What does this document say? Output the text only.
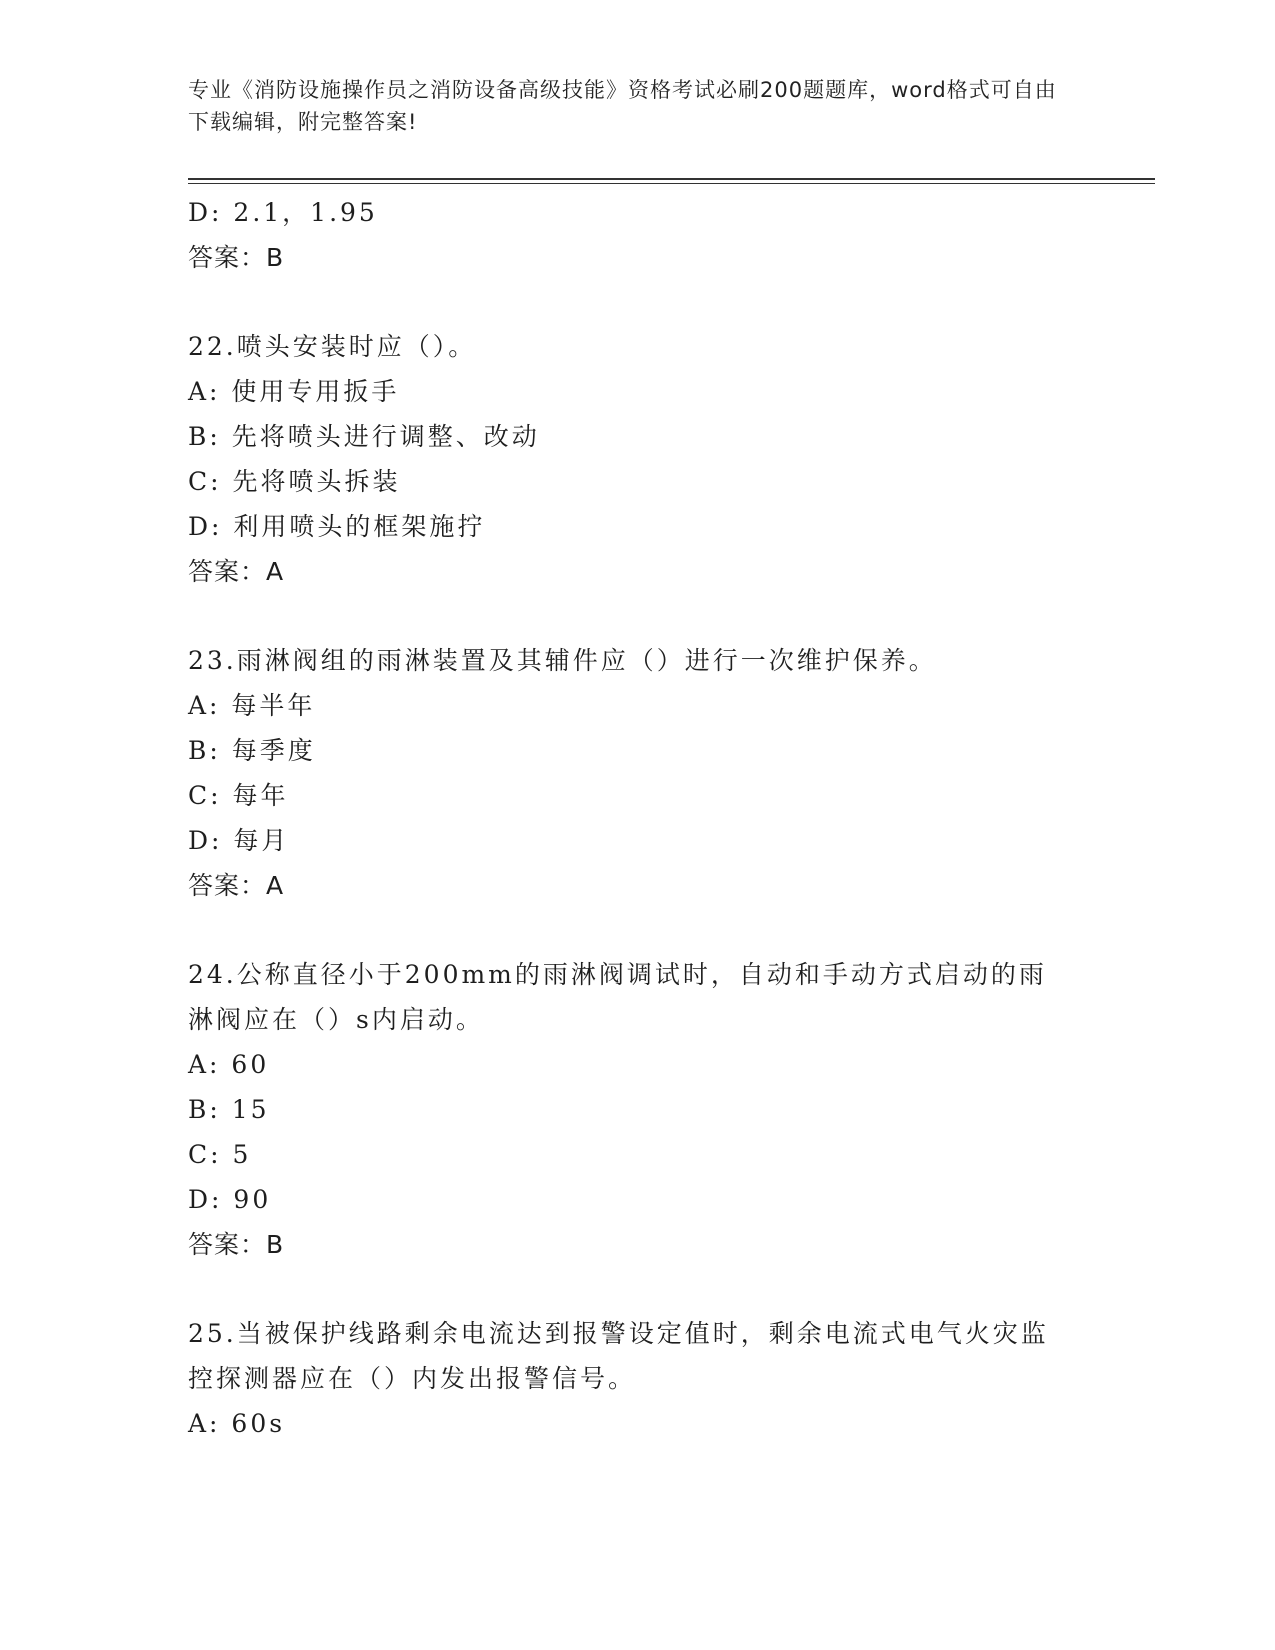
专业《消防设施操作员之消防设备高级技能》资格考试必刷200题题库，word格式可自由下载编辑，附完整答案!
D: 2.1，1.95
答案：B
22.喷头安装时应（）。
A: 使用专用扳手
B: 先将喷头进行调整、改动
C: 先将喷头拆装
D: 利用喷头的框架施拧
答案：A
23.雨淋阀组的雨淋装置及其辅件应（）进行一次维护保养。
A: 每半年
B: 每季度
C: 每年
D: 每月
答案：A
24.公称直径小于200mm的雨淋阀调试时，自动和手动方式启动的雨淋阀应在（）s内启动。
A: 60
B: 15
C: 5
D: 90
答案：B
25.当被保护线路剩余电流达到报警设定值时，剩余电流式电气火灾监控探测器应在（）内发出报警信号。
A: 60s
